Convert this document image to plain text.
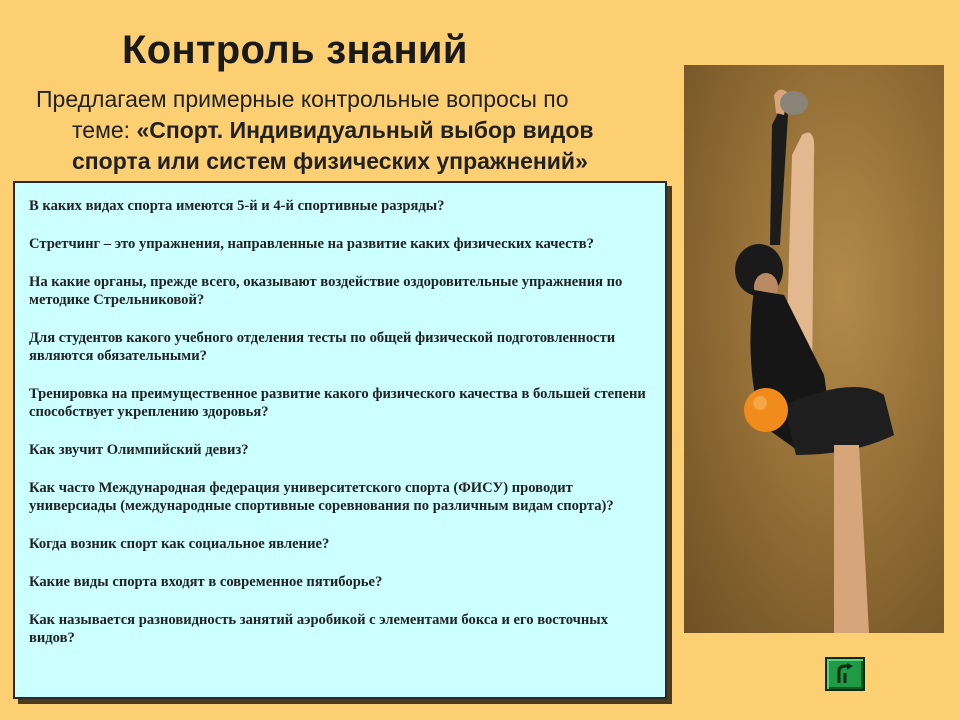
Контроль знаний
Предлагаем примерные контрольные вопросы по
теме: «Спорт. Индивидуальный выбор видов
спорта или систем физических упражнений»

В каких видах спорта имеются 5-й и 4-й спортивные разряды?

Стретчинг – это упражнения, направленные на развитие каких физических качеств?

На какие органы, прежде всего, оказывают воздействие оздоровительные упражнения по методике Стрельниковой?

Для студентов какого учебного отделения тесты по общей физической подготовленности являются обязательными?

Тренировка на преимущественное развитие какого физического качества в большей степени способствует укреплению здоровья?

Как звучит Олимпийский девиз?

Как часто Международная федерация университетского спорта (ФИСУ) проводит универсиады (международные спортивные соревнования по различным видам спорта)?

Когда возник спорт как социальное явление?

Какие виды спорта входят в современное пятиборье?

Как называется разновидность занятий аэробикой с элементами бокса и его восточных видов?
